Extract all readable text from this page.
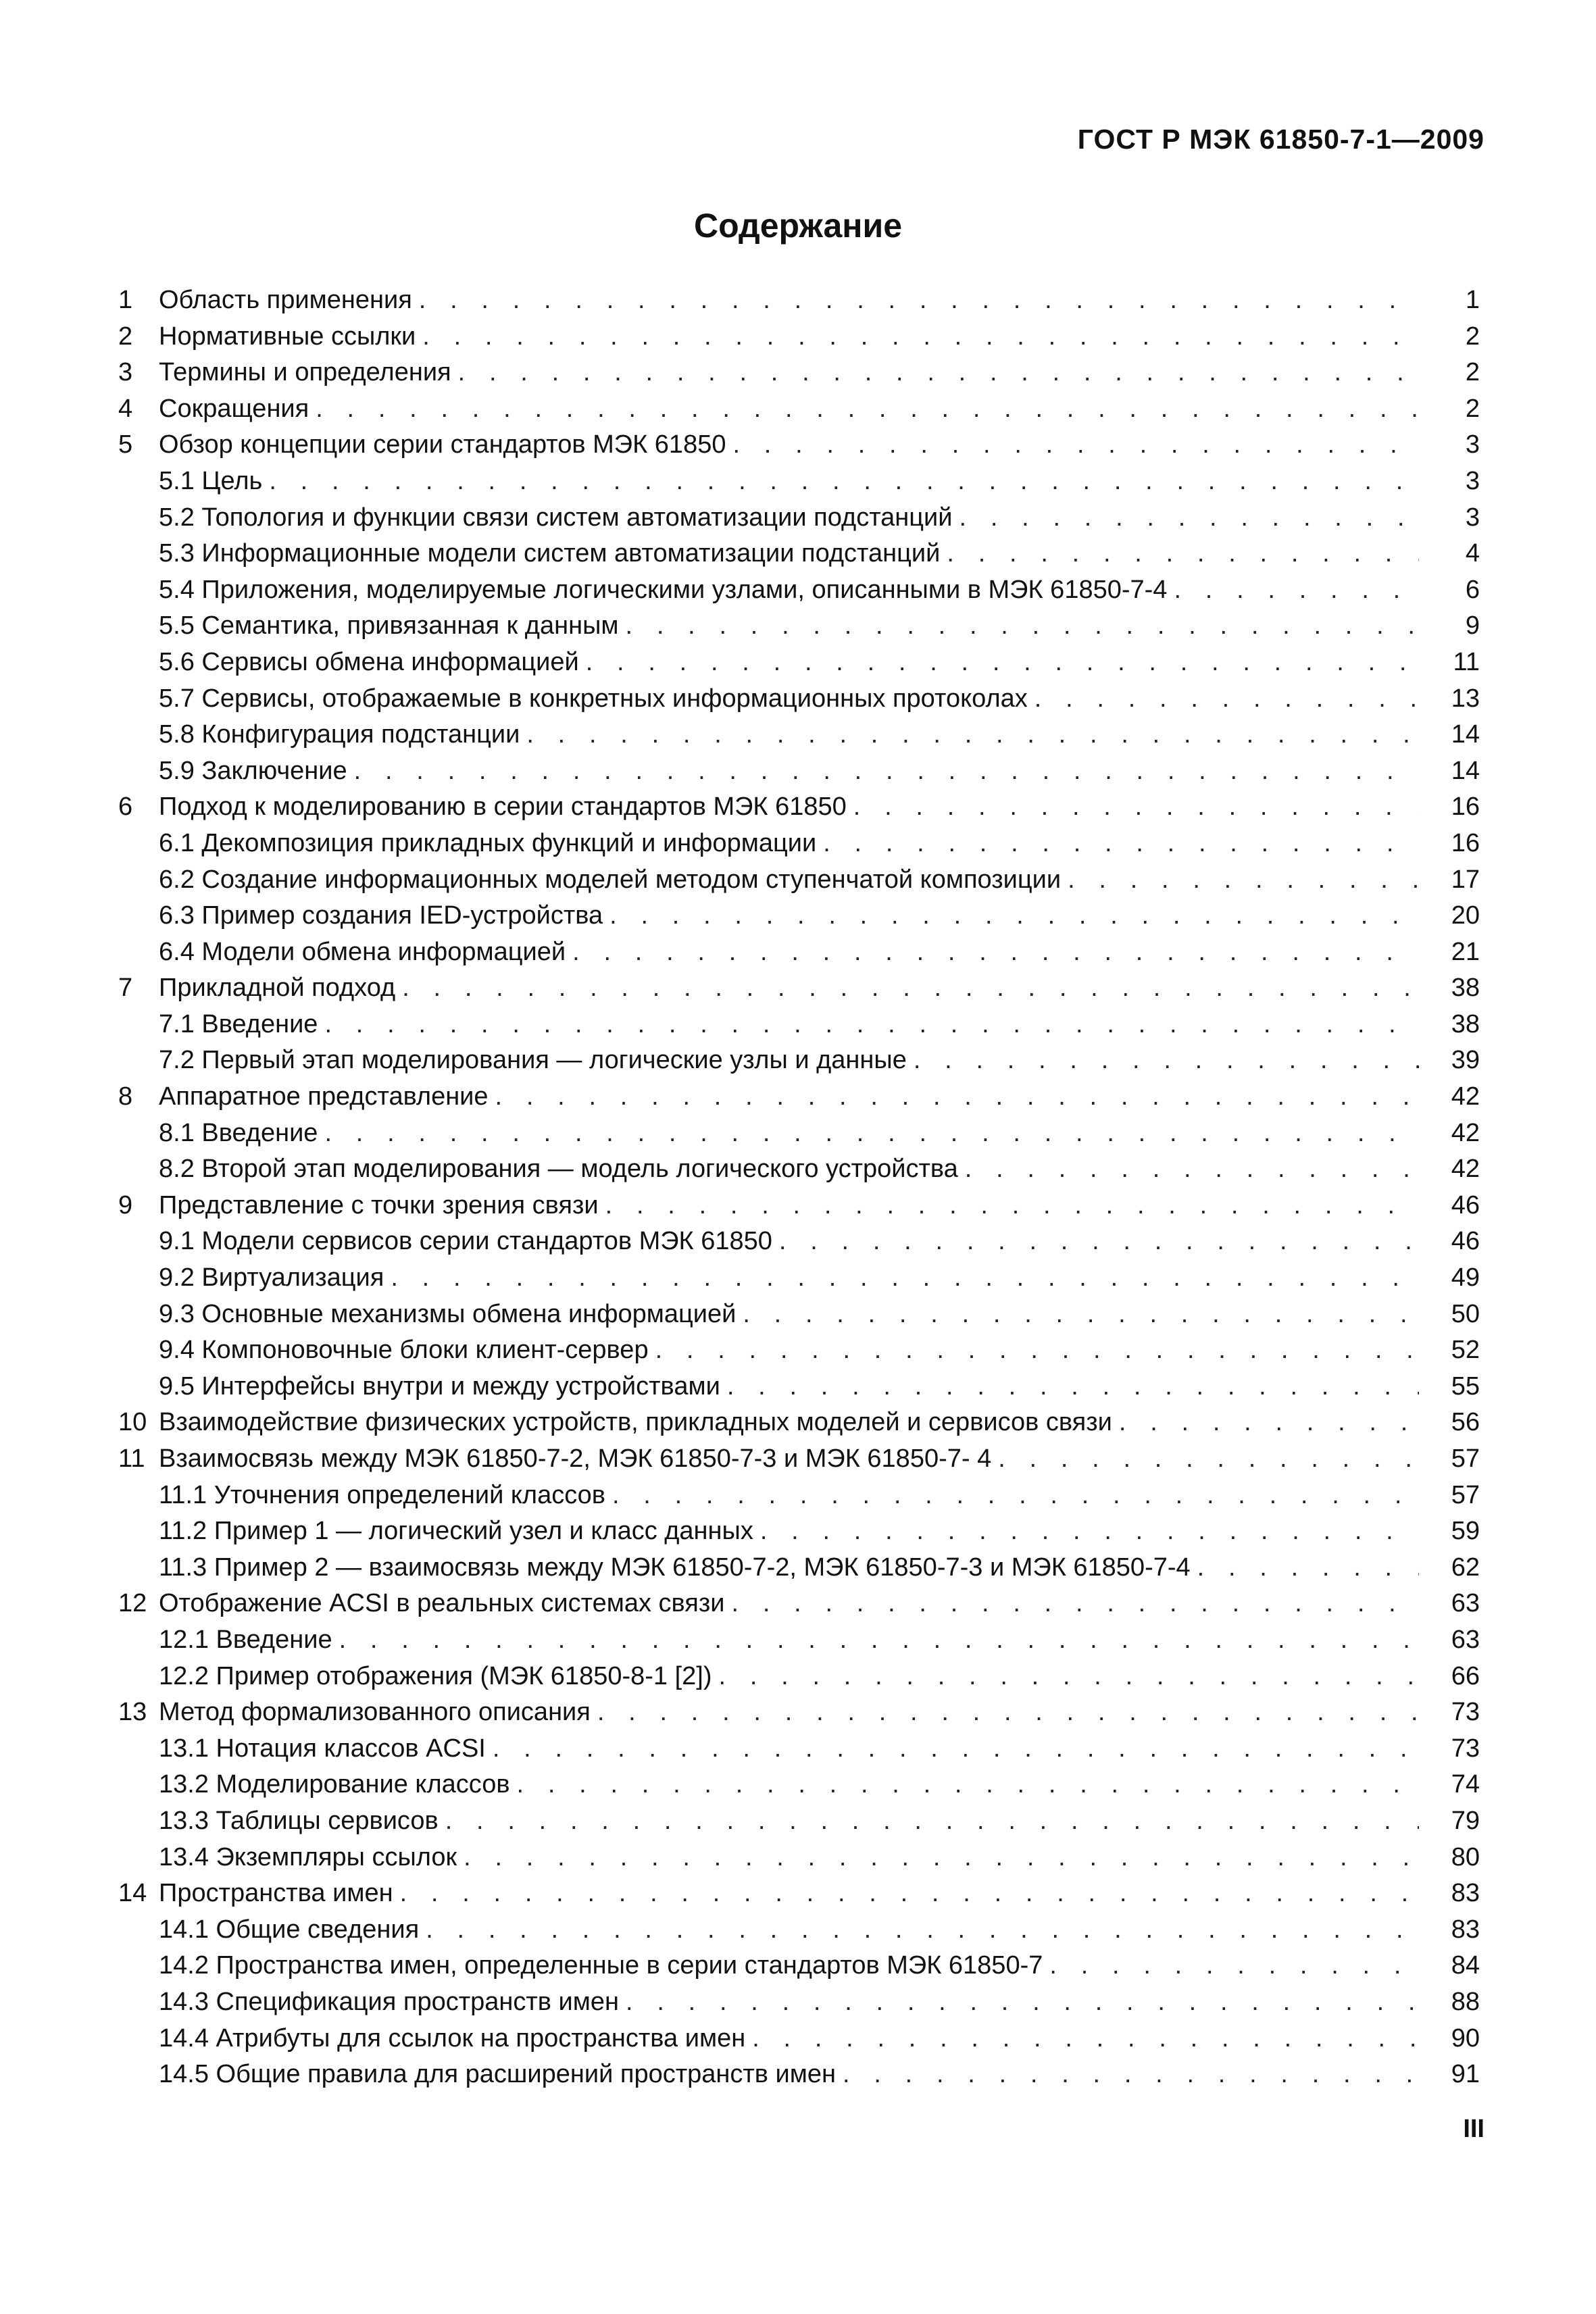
ГОСТ Р МЭК 61850-7-1—2009
Содержание
1 Область применения . . .	1
2 Нормативные ссылки . . .	2
3 Термины и определения . . .	2
4 Сокращения . . .	2
5 Обзор концепции серии стандартов МЭК 61850 . . .	3
5.1 Цель . . .	3
5.2 Топология и функции связи систем автоматизации подстанций . . .	3
5.3 Информационные модели систем автоматизации подстанций . . .	4
5.4 Приложения, моделируемые логическими узлами, описанными в МЭК 61850-7-4 . . .	6
5.5 Семантика, привязанная к данным . . .	9
5.6 Сервисы обмена информацией . . .	11
5.7 Сервисы, отображаемые в конкретных информационных протоколах . . .	13
5.8 Конфигурация подстанции . . .	14
5.9 Заключение . . .	14
6 Подход к моделированию в серии стандартов МЭК 61850 . . .	16
6.1 Декомпозиция прикладных функций и информации . . .	16
6.2 Создание информационных моделей методом ступенчатой композиции . . .	17
6.3 Пример создания IED-устройства . . .	20
6.4 Модели обмена информацией . . .	21
7 Прикладной подход . . .	38
7.1 Введение . . .	38
7.2 Первый этап моделирования — логические узлы и данные . . .	39
8 Аппаратное представление . . .	42
8.1 Введение . . .	42
8.2 Второй этап моделирования — модель логического устройства . . .	42
9 Представление с точки зрения связи . . .	46
9.1 Модели сервисов серии стандартов МЭК 61850 . . .	46
9.2 Виртуализация . . .	49
9.3 Основные механизмы обмена информацией . . .	50
9.4 Компоновочные блоки клиент-сервер . . .	52
9.5 Интерфейсы внутри и между устройствами . . .	55
10 Взаимодействие физических устройств, прикладных моделей и сервисов связи . . .	56
11 Взаимосвязь между МЭК 61850-7-2, МЭК 61850-7-3 и МЭК 61850-7- 4 . . .	57
11.1 Уточнения определений классов . . .	57
11.2 Пример 1 — логический узел и класс данных . . .	59
11.3 Пример 2 — взаимосвязь между МЭК 61850-7-2, МЭК 61850-7-3 и МЭК 61850-7-4 . . .	62
12 Отображение ACSI в реальных системах связи . . .	63
12.1 Введение . . .	63
12.2 Пример отображения (МЭК 61850-8-1 [2]) . . .	66
13 Метод формализованного описания . . .	73
13.1 Нотация классов ACSI . . .	73
13.2 Моделирование классов . . .	74
13.3 Таблицы сервисов . . .	79
13.4 Экземпляры ссылок . . .	80
14 Пространства имен . . .	83
14.1 Общие сведения . . .	83
14.2 Пространства имен, определенные в серии стандартов МЭК 61850-7 . . .	84
14.3 Спецификация пространств имен . . .	88
14.4 Атрибуты для ссылок на пространства имен . . .	90
14.5 Общие правила для расширений пространств имен . . .	91
III
